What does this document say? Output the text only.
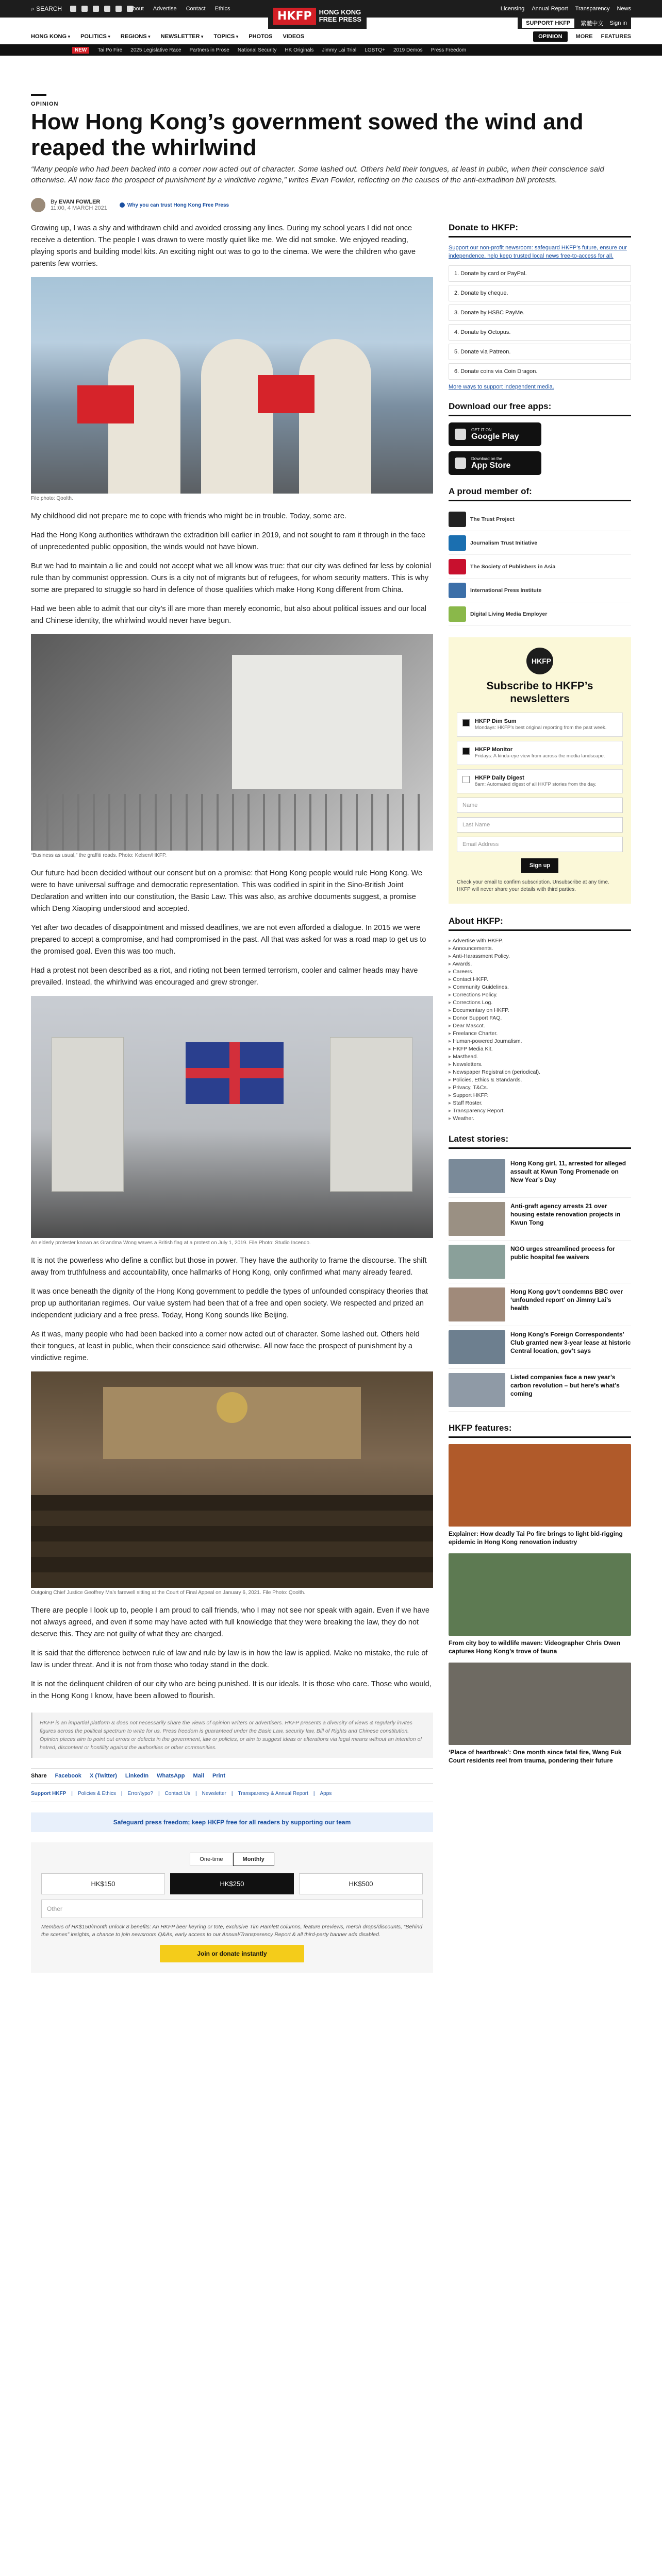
⌕ SEARCH	About Advertise Contact Ethics	Licensing Annual Report Transparency News
HKFP	HONG KONG
FREE PRESS	SUPPORT HKFP	繁體中文 Sign in
HONG KONG ▾	POLITICS ▾	REGIONS ▾	NEWSLETTER ▾	TOPICS ▾	PHOTOS VIDEOS	OPINION	MORE FEATURES
NEW	Tai Po Fire 2025 Legislative Race Partners in Prose National Security HK Originals Jimmy Lai Trial LGBTQ+ 2019 Demos Press Freedom
OPINION
How Hong Kong’s government sowed the wind and reaped the whirlwind

“Many people who had been backed into a corner now acted out of character. Some lashed out. Others held their tongues, at least in public, when their conscience said otherwise. All now face the prospect of punishment by a vindictive regime,” writes Evan Fowler, reflecting on the causes of the anti-extradition bill protests.

By EVAN FOWLER
11:00, 4 MARCH 2021	Why you can trust Hong Kong Free Press

Growing up, I was a shy and withdrawn child and avoided crossing any lines. During my school years I did not once receive a detention. The people I was drawn to were mostly quiet like me. We did not smoke. We enjoyed reading, playing sports and building model kits. An exciting night out was to go to the cinema. We were the children who gave parents few worries.

File photo: Qoolth.

My childhood did not prepare me to cope with friends who might be in trouble. Today, some are.

Had the Hong Kong authorities withdrawn the extradition bill earlier in 2019, and not sought to ram it through in the face of unprecedented public opposition, the winds would not have blown.

But we had to maintain a lie and could not accept what we all know was true: that our city was defined far less by colonial rule than by communist oppression. Ours is a city not of migrants but of refugees, for whom security matters. This is why some are prepared to struggle so hard in defence of those qualities which make Hong Kong different from China.

Had we been able to admit that our city’s ill are more than merely economic, but also about political issues and our local and Chinese identity, the whirlwind would never have begun.

“Business as usual,” the graffiti reads. Photo: Kelsen/HKFP.

Our future had been decided without our consent but on a promise: that Hong Kong people would rule Hong Kong. We were to have universal suffrage and democratic representation. This was codified in spirit in the Sino-British Joint Declaration and written into our constitution, the Basic Law. This was also, as archive documents suggest, a promise which Deng Xiaoping understood and accepted.

Yet after two decades of disappointment and missed deadlines, we are not even afforded a dialogue. In 2015 we were prepared to accept a compromise, and had compromised in the past. All that was asked for was a road map to get us to the promised goal. Even this was too much.

Had a protest not been described as a riot, and rioting not been termed terrorism, cooler and calmer heads may have prevailed. Instead, the whirlwind was encouraged and grew stronger.

An elderly protester known as Grandma Wong waves a British flag at a protest on July 1, 2019. File Photo: Studio Incendo.

It is not the powerless who define a conflict but those in power. They have the authority to frame the discourse. The shift away from truthfulness and accountability, once hallmarks of Hong Kong, only confirmed what many already feared.

It was once beneath the dignity of the Hong Kong government to peddle the types of unfounded conspiracy theories that prop up authoritarian regimes. Our value system had been that of a free and open society. We respected and prized an independent judiciary and a free press. Today, Hong Kong sounds like Beijing.

As it was, many people who had been backed into a corner now acted out of character. Some lashed out. Others held their tongues, at least in public, when their conscience said otherwise. All now face the prospect of punishment by a vindictive regime.

Outgoing Chief Justice Geoffrey Ma’s farewell sitting at the Court of Final Appeal on January 6, 2021. File Photo: Qoolth.

There are people I look up to, people I am proud to call friends, who I may not see nor speak with again. Even if we have not always agreed, and even if some may have acted with full knowledge that they were breaking the law, they do not deserve this. They are not guilty of what they are charged.

It is said that the difference between rule of law and rule by law is in how the law is applied. Make no mistake, the rule of law is under threat. And it is not from those who today stand in the dock.

It is not the delinquent children of our city who are being punished. It is our ideals. It is those who care. Those who would, in the Hong Kong I know, have been allowed to flourish.

HKFP is an impartial platform & does not necessarily share the views of opinion writers or advertisers. HKFP presents a diversity of views & regularly invites figures across the political spectrum to write for us. Press freedom is guaranteed under the Basic Law, security law, Bill of Rights and Chinese constitution. Opinion pieces aim to point out errors or defects in the government, law or policies, or aim to suggest ideas or alterations via legal means without an intention of hatred, discontent or hostility against the authorities or other communities.
Share Facebook X (Twitter) LinkedIn WhatsApp Mail Print
Support HKFP | Policies & Ethics | Error/typo? | Contact Us | Newsletter | Transparency & Annual Report | Apps
Safeguard press freedom; keep HKFP free for all readers by supporting our team
One-time	Monthly
HK$150	HK$250	HK$500
Other

Members of HK$150/month unlock 8 benefits: An HKFP beer keyring or tote, exclusive Tim Hamlett columns, feature previews, merch drops/discounts, “Behind the scenes” insights, a chance to join newsroom Q&As, early access to our Annual/Transparency Report & all third-party banner ads disabled.

Join or donate instantly
Donate to HKFP:

Support our non-profit newsroom: safeguard HKFP’s future, ensure our independence, help keep trusted local news free-to-access for all.

1. Donate by card or PayPal.
2. Donate by cheque.
3. Donate by HSBC PayMe.
4. Donate by Octopus.
5. Donate via Patreon.
6. Donate coins via Coin Dragon.
More ways to support independent media.
Download our free apps:
GET IT ON
Google Play
Download on the
App Store
A proud member of:
The Trust Project
Journalism Trust Initiative
The Society of Publishers in Asia
International Press Institute
Digital Living Media Employer
HKFP
Subscribe to HKFP’s newsletters
HKFP Dim Sum
Mondays: HKFP’s best original reporting from the past week.
HKFP Monitor
Fridays: A kinda-eye view from across the media landscape.
HKFP Daily Digest
8am: Automated digest of all HKFP stories from the day.
Name
Last Name
Email Address
Sign up

Check your email to confirm subscription. Unsubscribe at any time. HKFP will never share your details with third parties.

About HKFP:
▸ Advertise with HKFP.
▸ Announcements.
▸ Anti-Harassment Policy.
▸ Awards.
▸ Careers.
▸ Contact HKFP.
▸ Community Guidelines.
▸ Corrections Policy.
▸ Corrections Log.
▸ Documentary on HKFP.
▸ Donor Support FAQ.
▸ Dear Mascot.
▸ Freelance Charter.
▸ Human-powered Journalism.
▸ HKFP Media Kit.
▸ Masthead.
▸ Newsletters.
▸ Newspaper Registration (periodical).
▸ Policies, Ethics & Standards.
▸ Privacy, T&Cs.
▸ Support HKFP.
▸ Staff Roster.
▸ Transparency Report.
▸ Weather.
Latest stories:
Hong Kong girl, 11, arrested for alleged assault at Kwun Tong Promenade on New Year’s Day
Anti-graft agency arrests 21 over housing estate renovation projects in Kwun Tong
NGO urges streamlined process for public hospital fee waivers
Hong Kong gov’t condemns BBC over ‘unfounded report’ on Jimmy Lai’s health
Hong Kong’s Foreign Correspondents’ Club granted new 3-year lease at historic Central location, gov’t says
Listed companies face a new year’s carbon revolution – but here’s what’s coming
HKFP features:
Explainer: How deadly Tai Po fire brings to light bid-rigging epidemic in Hong Kong renovation industry
From city boy to wildlife maven: Videographer Chris Owen captures Hong Kong’s trove of fauna
‘Place of heartbreak’: One month since fatal fire, Wang Fuk Court residents reel from trauma, pondering their future
